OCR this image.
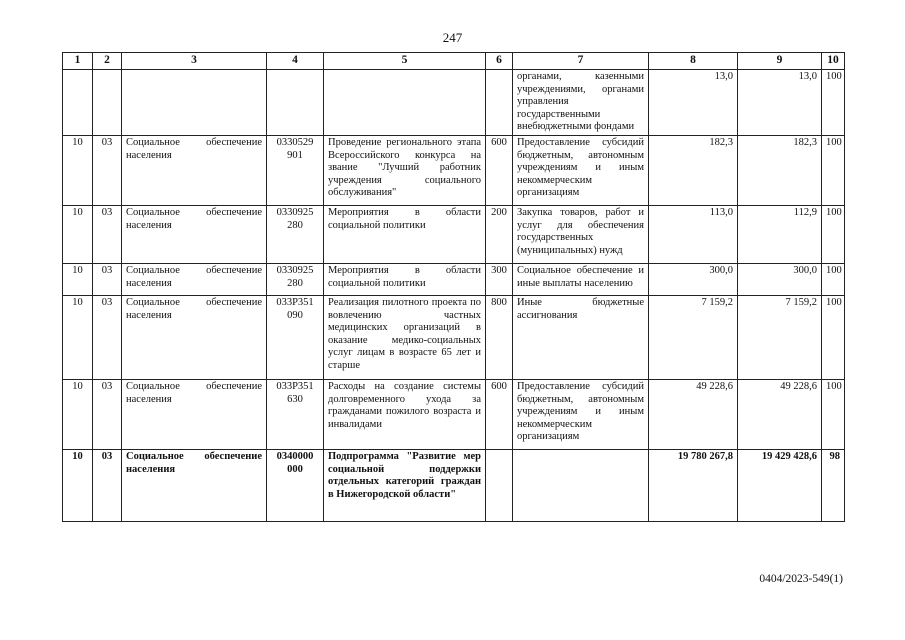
247
1	2	3	4	5	6	7	8	9	10
						органами, казенными учреждениями, органами управления государственными внебюджетными фондами	13,0	13,0	100
10	03	Социальное обеспечение населения	0330529 901	Проведение регионального этапа Всероссийского конкурса на звание "Лучший работник учреждения социального обслуживания"	600	Предоставление субсидий бюджетным, автономным учреждениям и иным некоммерческим организациям	182,3	182,3	100
10	03	Социальное обеспечение населения	0330925 280	Мероприятия в области социальной политики	200	Закупка товаров, работ и услуг для обеспечения государственных (муниципальных) нужд	113,0	112,9	100
10	03	Социальное обеспечение населения	0330925 280	Мероприятия в области социальной политики	300	Социальное обеспечение и иные выплаты населению	300,0	300,0	100
10	03	Социальное обеспечение населения	033P351 090	Реализация пилотного проекта по вовлечению частных медицинских организаций в оказание медико-социальных услуг лицам в возрасте 65 лет и старше	800	Иные бюджетные ассигнования	7 159,2	7 159,2	100
10	03	Социальное обеспечение населения	033P351 630	Расходы на создание системы долговременного ухода за гражданами пожилого возраста и инвалидами	600	Предоставление субсидий бюджетным, автономным учреждениям и иным некоммерческим организациям	49 228,6	49 228,6	100
10	03	Социальное обеспечение населения	0340000 000	Подпрограмма "Развитие мер социальной поддержки отдельных категорий граждан в Нижегородской области"			19 780 267,8	19 429 428,6	98
0404/2023-549(1)
